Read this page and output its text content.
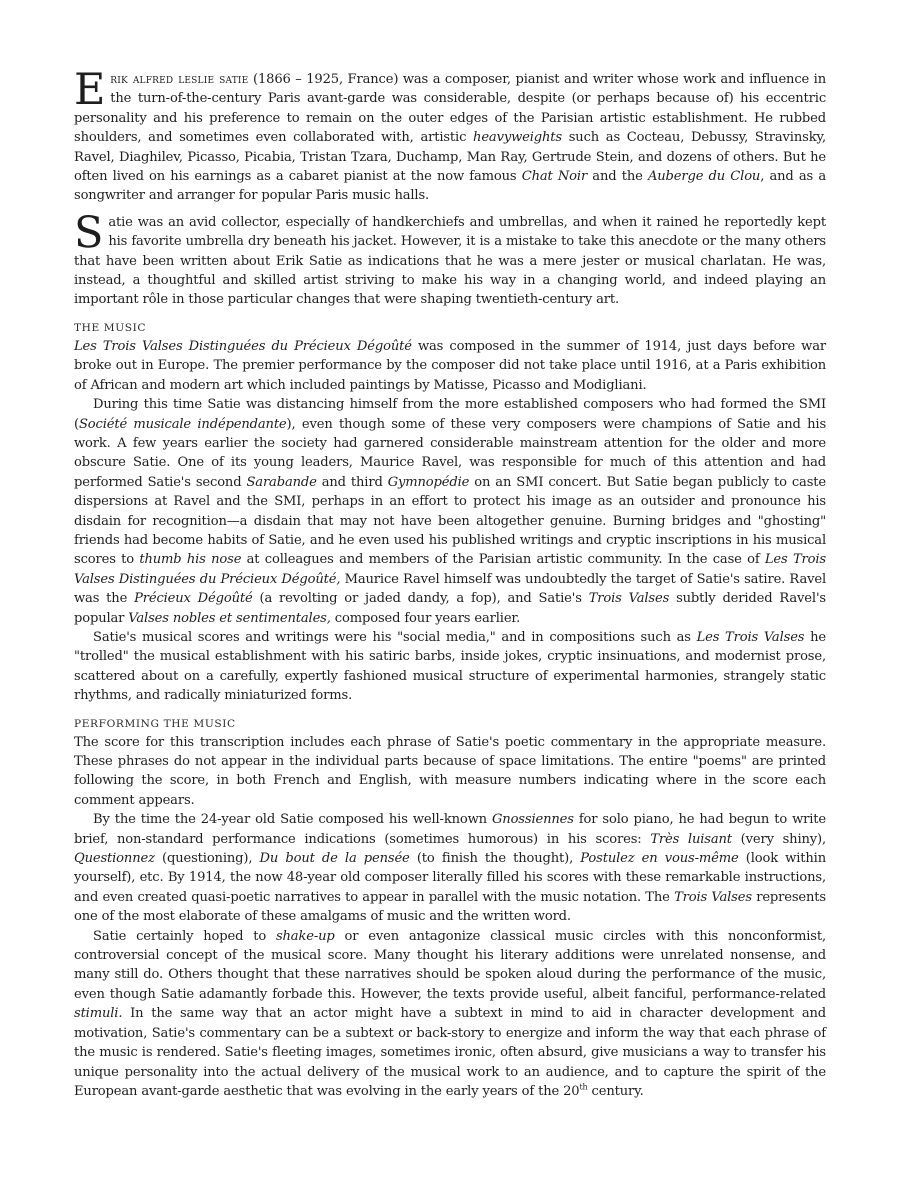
Erik alfred leslie satie (1866 – 1925, France) was a composer, pianist and writer whose work and influence in the turn-of-the-century Paris avant-garde was considerable, despite (or perhaps because of) his eccentric personality and his preference to remain on the outer edges of the Parisian artistic establishment. He rubbed shoulders, and sometimes even collaborated with, artistic heavyweights such as Cocteau, Debussy, Stravinsky, Ravel, Diaghilev, Picasso, Picabia, Tristan Tzara, Duchamp, Man Ray, Gertrude Stein, and dozens of others. But he often lived on his earnings as a cabaret pianist at the now famous Chat Noir and the Auberge du Clou, and as a songwriter and arranger for popular Paris music halls.

Satie was an avid collector, especially of handkerchiefs and umbrellas, and when it rained he reportedly kept his favorite umbrella dry beneath his jacket. However, it is a mistake to take this anecdote or the many others that have been written about Erik Satie as indications that he was a mere jester or musical charlatan. He was, instead, a thoughtful and skilled artist striving to make his way in a changing world, and indeed playing an important rôle in those particular changes that were shaping twentieth-century art.

THE MUSIC

Les Trois Valses Distinguées du Précieux Dégoûté was composed in the summer of 1914, just days before war broke out in Europe. The premier performance by the composer did not take place until 1916, at a Paris exhibition of African and modern art which included paintings by Matisse, Picasso and Modigliani.

During this time Satie was distancing himself from the more established composers who had formed the SMI (Société musicale indépendante), even though some of these very composers were champions of Satie and his work. A few years earlier the society had garnered considerable mainstream attention for the older and more obscure Satie. One of its young leaders, Maurice Ravel, was responsible for much of this attention and had performed Satie's second Sarabande and third Gymnopédie on an SMI concert. But Satie began publicly to caste dispersions at Ravel and the SMI, perhaps in an effort to protect his image as an outsider and pronounce his disdain for recognition—a disdain that may not have been altogether genuine. Burning bridges and "ghosting" friends had become habits of Satie, and he even used his published writings and cryptic inscriptions in his musical scores to thumb his nose at colleagues and members of the Parisian artistic community. In the case of Les Trois Valses Distinguées du Précieux Dégoûté, Maurice Ravel himself was undoubtedly the target of Satie's satire. Ravel was the Précieux Dégoûté (a revolting or jaded dandy, a fop), and Satie's Trois Valses subtly derided Ravel's popular Valses nobles et sentimentales, composed four years earlier.

Satie's musical scores and writings were his "social media," and in compositions such as Les Trois Valses he "trolled" the musical establishment with his satiric barbs, inside jokes, cryptic insinuations, and modernist prose, scattered about on a carefully, expertly fashioned musical structure of experimental harmonies, strangely static rhythms, and radically miniaturized forms.

PERFORMING THE MUSIC

The score for this transcription includes each phrase of Satie's poetic commentary in the appropriate measure. These phrases do not appear in the individual parts because of space limitations. The entire "poems" are printed following the score, in both French and English, with measure numbers indicating where in the score each comment appears.

By the time the 24-year old Satie composed his well-known Gnossiennes for solo piano, he had begun to write brief, non-standard performance indications (sometimes humorous) in his scores: Très luisant (very shiny), Questionnez (questioning), Du bout de la pensée (to finish the thought), Postulez en vous-même (look within yourself), etc. By 1914, the now 48-year old composer literally filled his scores with these remarkable instructions, and even created quasi-poetic narratives to appear in parallel with the music notation. The Trois Valses represents one of the most elaborate of these amalgams of music and the written word.

Satie certainly hoped to shake-up or even antagonize classical music circles with this nonconformist, controversial concept of the musical score. Many thought his literary additions were unrelated nonsense, and many still do. Others thought that these narratives should be spoken aloud during the performance of the music, even though Satie adamantly forbade this. However, the texts provide useful, albeit fanciful, performance-related stimuli. In the same way that an actor might have a subtext in mind to aid in character development and motivation, Satie's commentary can be a subtext or back-story to energize and inform the way that each phrase of the music is rendered. Satie's fleeting images, sometimes ironic, often absurd, give musicians a way to transfer his unique personality into the actual delivery of the musical work to an audience, and to capture the spirit of the European avant-garde aesthetic that was evolving in the early years of the 20th century.
